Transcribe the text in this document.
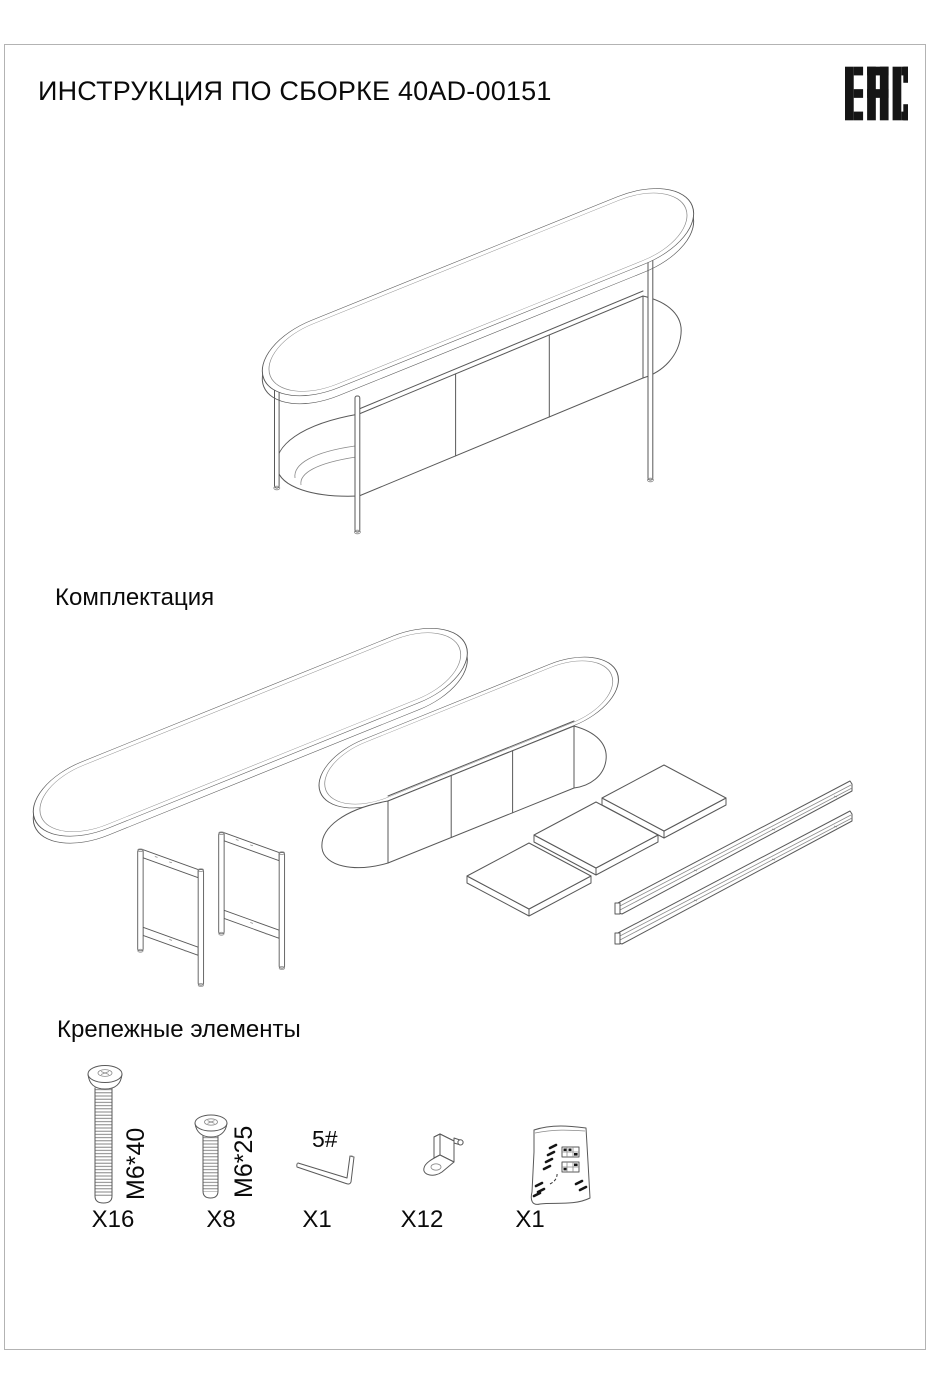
ИНСТРУКЦИЯ ПО СБОРКЕ 40AD-00151
Комплектация
Крепежные элементы
M6*40
X16
M6*25
X8
5#
X1	X12	X1
